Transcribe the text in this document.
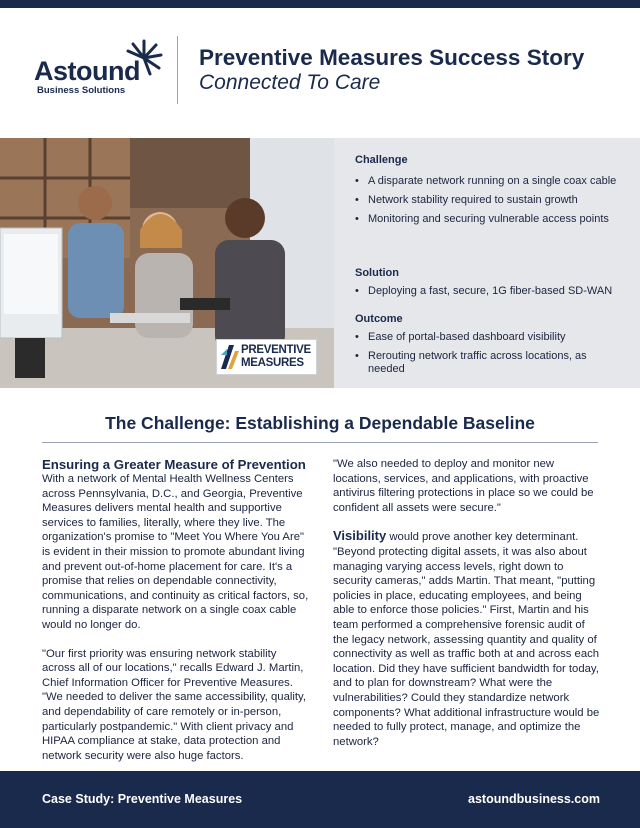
Astound
Business Solutions
Preventive Measures Success Story
Connected To Care
PREVENTIVE
MEASURES
Challenge
• A disparate network running on a single coax cable
• Network stability required to sustain growth
• Monitoring and securing vulnerable access points
Solution
• Deploying a fast, secure, 1G fiber-based SD-WAN
Outcome
• Ease of portal-based dashboard visibility
• Rerouting network traffic across locations, as needed
The Challenge: Establishing a Dependable Baseline
Ensuring a Greater Measure of Prevention

With a network of Mental Health Wellness Centers across Pennsylvania, D.C., and Georgia, Preventive Measures delivers mental health and supportive services to families, literally, where they live. The organization's promise to "Meet You Where You Are" is evident in their mission to promote abundant living and prevent out-of-home placement for care. It's a promise that relies on dependable connectivity, communications, and continuity as critical factors, so, running a disparate network on a single coax cable would no longer do.

"Our first priority was ensuring network stability across all of our locations," recalls Edward J. Martin, Chief Information Officer for Preventive Measures. "We needed to deliver the same accessibility, quality, and dependability of care remotely or in-person, particularly postpandemic." With client privacy and HIPAA compliance at stake, data protection and network security were also huge factors.

"We also needed to deploy and monitor new locations, services, and applications, with proactive antivirus filtering protections in place so we could be confident all assets were secure."

Visibility would prove another key determinant. "Beyond protecting digital assets, it was also about managing varying access levels, right down to security cameras," adds Martin. That meant, "putting policies in place, educating employees, and being able to enforce those policies." First, Martin and his team performed a comprehensive forensic audit of the legacy network, assessing quantity and quality of connectivity as well as traffic both at and across each location. Did they have sufficient bandwidth for today, and to plan for downstream? What were the vulnerabilities? Could they standardize network components? What additional infrastructure would be needed to fully protect, manage, and optimize the network?

Case Study: Preventive Measures	astoundbusiness.com
